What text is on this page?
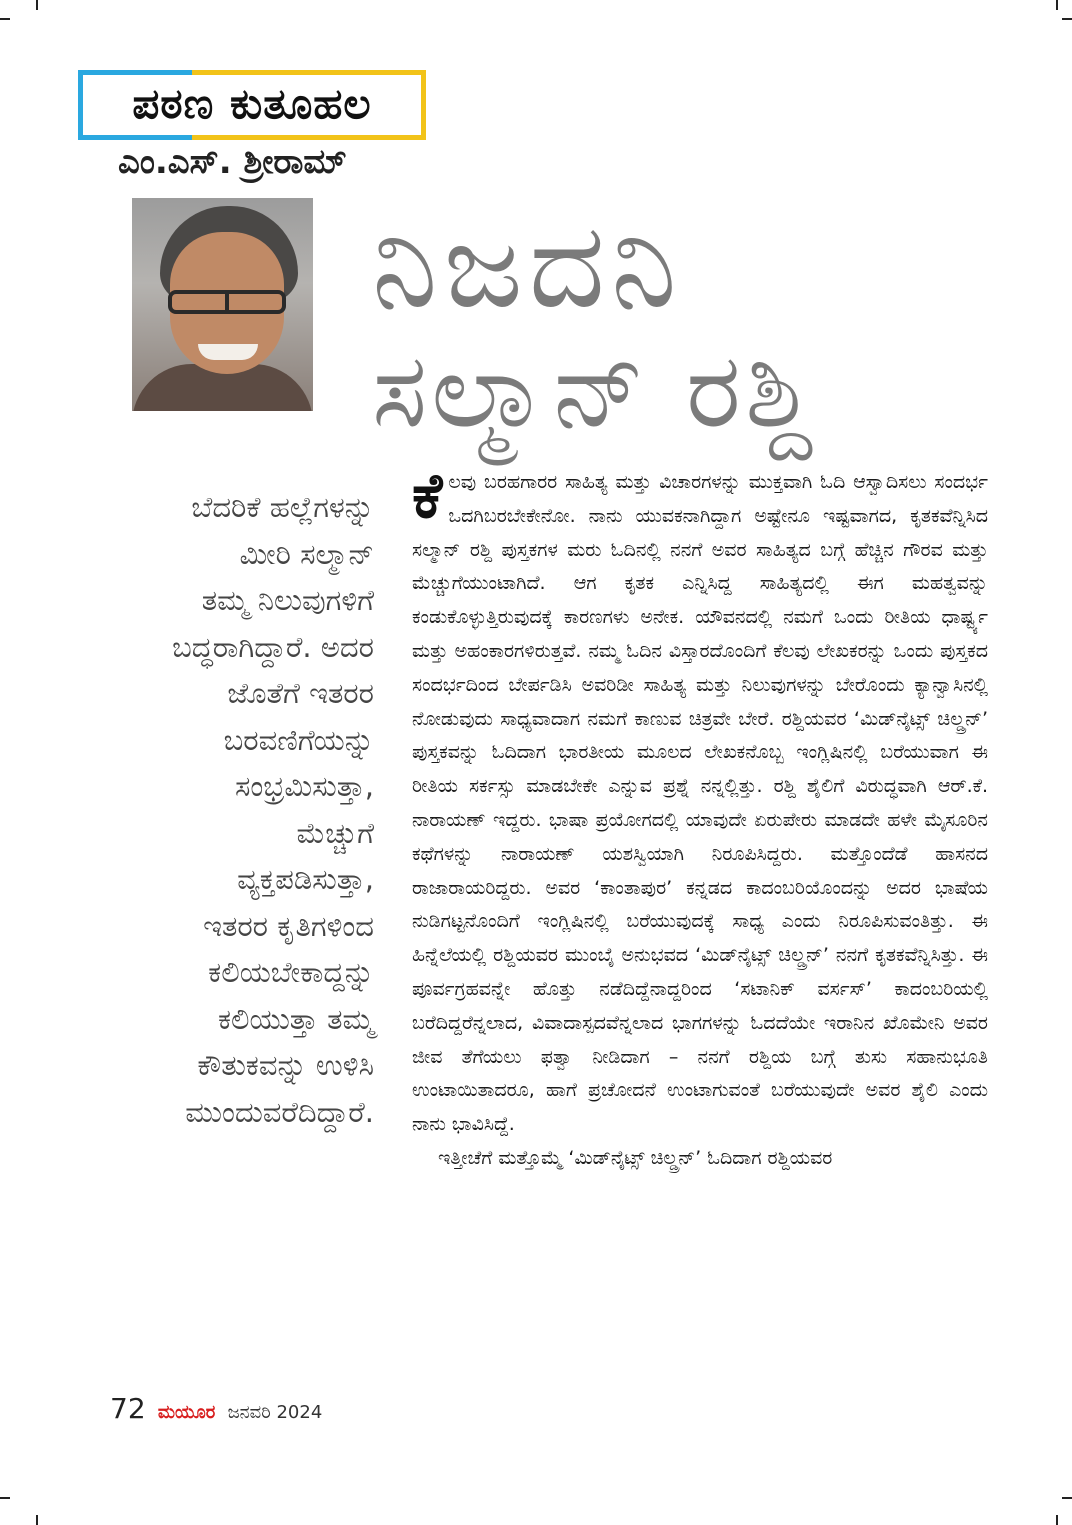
ಪಠಣ ಕುತೂಹಲ
ಎಂ.ಎಸ್. ಶ್ರೀರಾಮ್
ನಿಜದನಿ
ಸಲ್ಮಾನ್ ರಶ್ದಿ
ಬೆದರಿಕೆ ಹಲ್ಲೆಗಳನ್ನು
ಮೀರಿ ಸಲ್ಮಾನ್
ತಮ್ಮ ನಿಲುವುಗಳಿಗೆ
ಬದ್ಧರಾಗಿದ್ದಾರೆ. ಅದರ
ಜೊತೆಗೆ ಇತರರ
ಬರವಣಿಗೆಯನ್ನು
ಸಂಭ್ರಮಿಸುತ್ತಾ,
ಮೆಚ್ಚುಗೆ
ವ್ಯಕ್ತಪಡಿಸುತ್ತಾ,
ಇತರರ ಕೃತಿಗಳಿಂದ
ಕಲಿಯಬೇಕಾದ್ದನ್ನು
ಕಲಿಯುತ್ತಾ ತಮ್ಮ
ಕೌತುಕವನ್ನು ಉಳಿಸಿ
ಮುಂದುವರೆದಿದ್ದಾರೆ.

ಕೆಲವು ಬರಹಗಾರರ ಸಾಹಿತ್ಯ ಮತ್ತು ವಿಚಾರಗಳನ್ನು ಮುಕ್ತವಾಗಿ ಓದಿ ಆಸ್ವಾದಿಸಲು ಸಂದರ್ಭ ಒದಗಿಬರಬೇಕೇನೋ. ನಾನು ಯುವಕನಾಗಿದ್ದಾಗ ಅಷ್ಟೇನೂ ಇಷ್ಟವಾಗದ, ಕೃತಕವೆನ್ನಿಸಿದ ಸಲ್ಮಾನ್ ರಶ್ದಿ ಪುಸ್ತಕಗಳ ಮರು ಓದಿನಲ್ಲಿ ನನಗೆ ಅವರ ಸಾಹಿತ್ಯದ ಬಗ್ಗೆ ಹೆಚ್ಚಿನ ಗೌರವ ಮತ್ತು ಮೆಚ್ಚುಗೆಯುಂಟಾಗಿದೆ. ಆಗ ಕೃತಕ ಎನ್ನಿಸಿದ್ದ ಸಾಹಿತ್ಯದಲ್ಲಿ ಈಗ ಮಹತ್ವವನ್ನು ಕಂಡುಕೊಳ್ಳುತ್ತಿರುವುದಕ್ಕೆ ಕಾರಣಗಳು ಅನೇಕ. ಯೌವನದಲ್ಲಿ ನಮಗೆ ಒಂದು ರೀತಿಯ ಧಾರ್ಷ್ಟ್ಯ ಮತ್ತು ಅಹಂಕಾರಗಳಿರುತ್ತವೆ. ನಮ್ಮ ಓದಿನ ವಿಸ್ತಾರದೊಂದಿಗೆ ಕೆಲವು ಲೇಖಕರನ್ನು ಒಂದು ಪುಸ್ತಕದ ಸಂದರ್ಭದಿಂದ ಬೇರ್ಪಡಿಸಿ ಅವರಿಡೀ ಸಾಹಿತ್ಯ ಮತ್ತು ನಿಲುವುಗಳನ್ನು ಬೇರೊಂದು ಕ್ಯಾನ್ವಾಸಿನಲ್ಲಿ ನೋಡುವುದು ಸಾಧ್ಯವಾದಾಗ ನಮಗೆ ಕಾಣುವ ಚಿತ್ರವೇ ಬೇರೆ. ರಶ್ದಿಯವರ ‘ಮಿಡ್‌ನೈಟ್ಸ್ ಚಿಲ್ಡ್ರನ್’ ಪುಸ್ತಕವನ್ನು ಓದಿದಾಗ ಭಾರತೀಯ ಮೂಲದ ಲೇಖಕನೊಬ್ಬ ಇಂಗ್ಲಿಷಿನಲ್ಲಿ ಬರೆಯುವಾಗ ಈ ರೀತಿಯ ಸರ್ಕಸ್ಸು ಮಾಡಬೇಕೇ ಎನ್ನುವ ಪ್ರಶ್ನೆ ನನ್ನಲ್ಲಿತ್ತು. ರಶ್ದಿ ಶೈಲಿಗೆ ವಿರುದ್ಧವಾಗಿ ಆರ್.ಕೆ. ನಾರಾಯಣ್ ಇದ್ದರು. ಭಾಷಾ ಪ್ರಯೋಗದಲ್ಲಿ ಯಾವುದೇ ಏರುಪೇರು ಮಾಡದೇ ಹಳೇ ಮೈಸೂರಿನ ಕಥೆಗಳನ್ನು ನಾರಾಯಣ್ ಯಶಸ್ವಿಯಾಗಿ ನಿರೂಪಿಸಿದ್ದರು. ಮತ್ತೊಂದೆಡೆ ಹಾಸನದ ರಾಜಾರಾಯರಿದ್ದರು. ಅವರ ‘ಕಾಂತಾಪುರ’ ಕನ್ನಡದ ಕಾದಂಬರಿಯೊಂದನ್ನು ಅದರ ಭಾಷೆಯ ನುಡಿಗಟ್ಟನೊಂದಿಗೆ ಇಂಗ್ಲಿಷಿನಲ್ಲಿ ಬರೆಯುವುದಕ್ಕೆ ಸಾಧ್ಯ ಎಂದು ನಿರೂಪಿಸುವಂತಿತ್ತು. ಈ ಹಿನ್ನೆಲೆಯಲ್ಲಿ ರಶ್ದಿಯವರ ಮುಂಬೈ ಅನುಭವದ ‘ಮಿಡ್‌ನೈಟ್ಸ್ ಚಿಲ್ಡ್ರನ್’ ನನಗೆ ಕೃತಕವೆನ್ನಿಸಿತ್ತು. ಈ ಪೂರ್ವಗ್ರಹವನ್ನೇ ಹೊತ್ತು ನಡೆದಿದ್ದೆನಾದ್ದರಿಂದ ‘ಸಟಾನಿಕ್ ವರ್ಸಸ್’ ಕಾದಂಬರಿಯಲ್ಲಿ ಬರೆದಿದ್ದರೆನ್ನಲಾದ, ವಿವಾದಾಸ್ಪದವೆನ್ನಲಾದ ಭಾಗಗಳನ್ನು ಓದದೆಯೇ ಇರಾನಿನ ಖೊಮೇನಿ ಅವರ ಜೀವ ತೆಗೆಯಲು ಫತ್ವಾ ನೀಡಿದಾಗ – ನನಗೆ ರಶ್ದಿಯ ಬಗ್ಗೆ ತುಸು ಸಹಾನುಭೂತಿ ಉಂಟಾಯಿತಾದರೂ, ಹಾಗೆ ಪ್ರಚೋದನೆ ಉಂಟಾಗುವಂತೆ ಬರೆಯುವುದೇ ಅವರ ಶೈಲಿ ಎಂದು ನಾನು ಭಾವಿಸಿದ್ದೆ.

ಇತ್ತೀಚೆಗೆ ಮತ್ತೊಮ್ಮೆ ‘ಮಿಡ್‌ನೈಟ್ಸ್ ಚಿಲ್ಡ್ರನ್’ ಓದಿದಾಗ ರಶ್ದಿಯವರ

72 ಮಯೂರ ಜನವರಿ 2024
